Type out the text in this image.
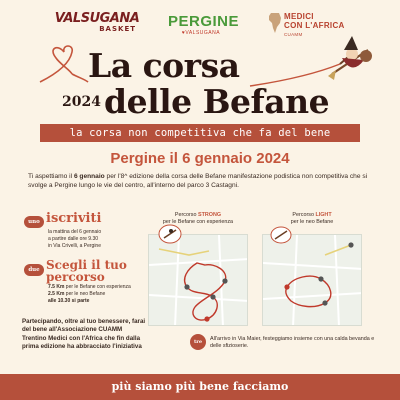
VALSUGANA
BASKET	PERGINE
♥VALSUGANA
MEDICI
CON L'AFRICA
CUAMM
La corsa
2024 delle Befane
la corsa non competitiva che fa del bene
Pergine il 6 gennaio 2024
Ti aspettiamo il 6 gennaio per l'8^ edizione della corsa delle Befane manifestazione podistica non competitiva che si svolge a Pergine lungo le vie del centro, all'interno del parco 3 Castagni.
uno iscriviti
la mattina del 6 gennaio
a partire dalle ore 9.30
in Via Crivelli, a Pergine
due Scegli il tuo
percorso
7.5 Km per le Befane con esperienza
2.5 Km per le neo Befane
alle 10.30 si parte
Partecipando, oltre al tuo benessere, farai del bene all'Associazione CUAMM Trentino Medici con l'Africa che fin dalla prima edizione ha abbracciato l'iniziativa
Percorso STRONG
per le Befane con esperienza
Percorso LIGHT
per le neo Befane
tre	All'arrivo in Via Maier, festeggiamo insieme con una calda bevanda e delle sfizioserie.
più siamo più bene facciamo
